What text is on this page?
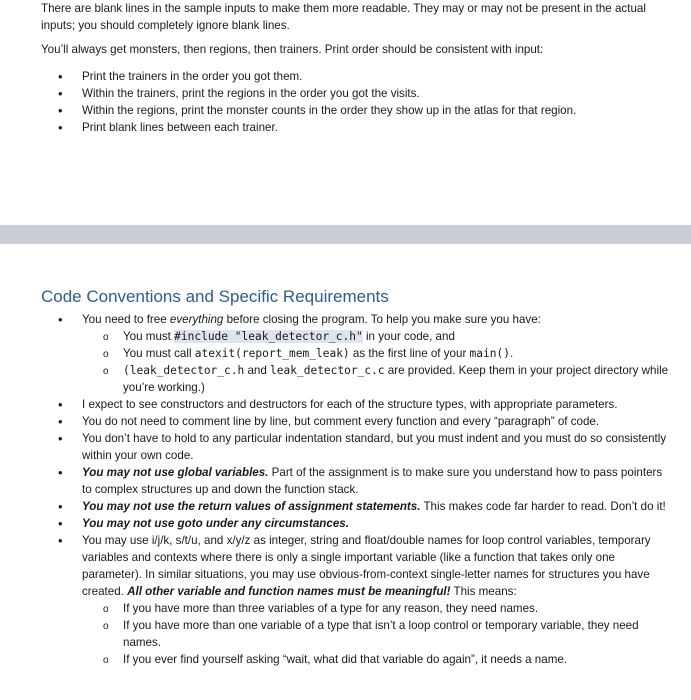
There are blank lines in the sample inputs to make them more readable. They may or may not be present in the actual inputs; you should completely ignore blank lines.

You’ll always get monsters, then regions, then trainers. Print order should be consistent with input:

• Print the trainers in the order you got them.
• Within the trainers, print the regions in the order you got the visits.
• Within the regions, print the monster counts in the order they show up in the atlas for that region.
• Print blank lines between each trainer.
Code Conventions and Specific Requirements
• You need to free everything before closing the program. To help you make sure you have:
o You must #include "leak_detector_c.h" in your code, and
o You must call atexit(report_mem_leak) as the first line of your main().
o (leak_detector_c.h and leak_detector_c.c are provided. Keep them in your project directory while you’re working.)
• I expect to see constructors and destructors for each of the structure types, with appropriate parameters.
• You do not need to comment line by line, but comment every function and every “paragraph” of code.
• You don’t have to hold to any particular indentation standard, but you must indent and you must do so consistently within your own code.
• You may not use global variables. Part of the assignment is to make sure you understand how to pass pointers to complex structures up and down the function stack.
• You may not use the return values of assignment statements. This makes code far harder to read. Don’t do it!
• You may not use goto under any circumstances.
• You may use i/j/k, s/t/u, and x/y/z as integer, string and float/double names for loop control variables, temporary variables and contexts where there is only a single important variable (like a function that takes only one parameter). In similar situations, you may use obvious-from-context single-letter names for structures you have created. All other variable and function names must be meaningful! This means:
o If you have more than three variables of a type for any reason, they need names.
o If you have more than one variable of a type that isn’t a loop control or temporary variable, they need names.
o If you ever find yourself asking “wait, what did that variable do again”, it needs a name.
